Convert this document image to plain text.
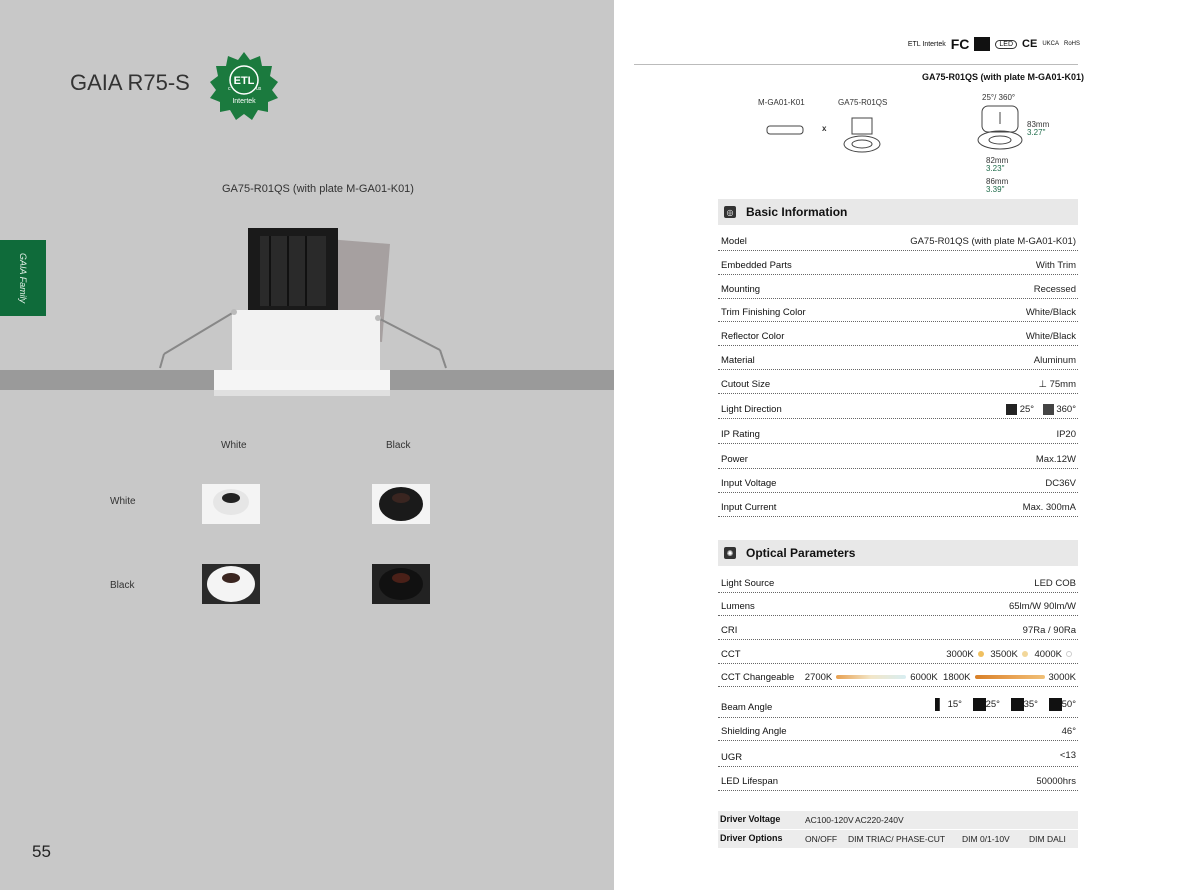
GAIA R75-S	ETL
c	us
Intertek
GAIA Family
GA75-R01QS (with plate M-GA01-K01)
White	Black
White
Black
55
ETL Intertek FC	LED CE UKCA RoHS
GA75-R01QS (with plate M-GA01-K01)
M-GA01-K01	GA75-R01QS
x
25°/ 360°
83mm
3.27"
82mm
3.23"
86mm
3.39"
◎ Basic Information
Model	GA75-R01QS (with plate M-GA01-K01)
Embedded Parts	With Trim
Mounting	Recessed
Trim Finishing Color	White/Black
Reflector Color	White/Black
Material	Aluminum
Cutout Size	⊥ 75mm
Light Direction	25° 360°
IP Rating	IP20
Power	Max.12W
Input Voltage	DC36V
Input Current	Max. 300mA
✺ Optical Parameters
Light Source	LED COB
Lumens	65lm/W 90lm/W
CRI	97Ra / 90Ra
CCT	3000K 3500K 4000K
CCT Changeable 2700K	6000K 1800K	3000K
Beam Angle	15° 25° 35° 50°
Shielding Angle	46°
UGR	<13
LED Lifespan	50000hrs
Driver Voltage	AC100-120V AC220-240V
Driver Options	ON/OFF DIM TRIAC/ PHASE-CUT DIM 0/1-10V DIM DALI
